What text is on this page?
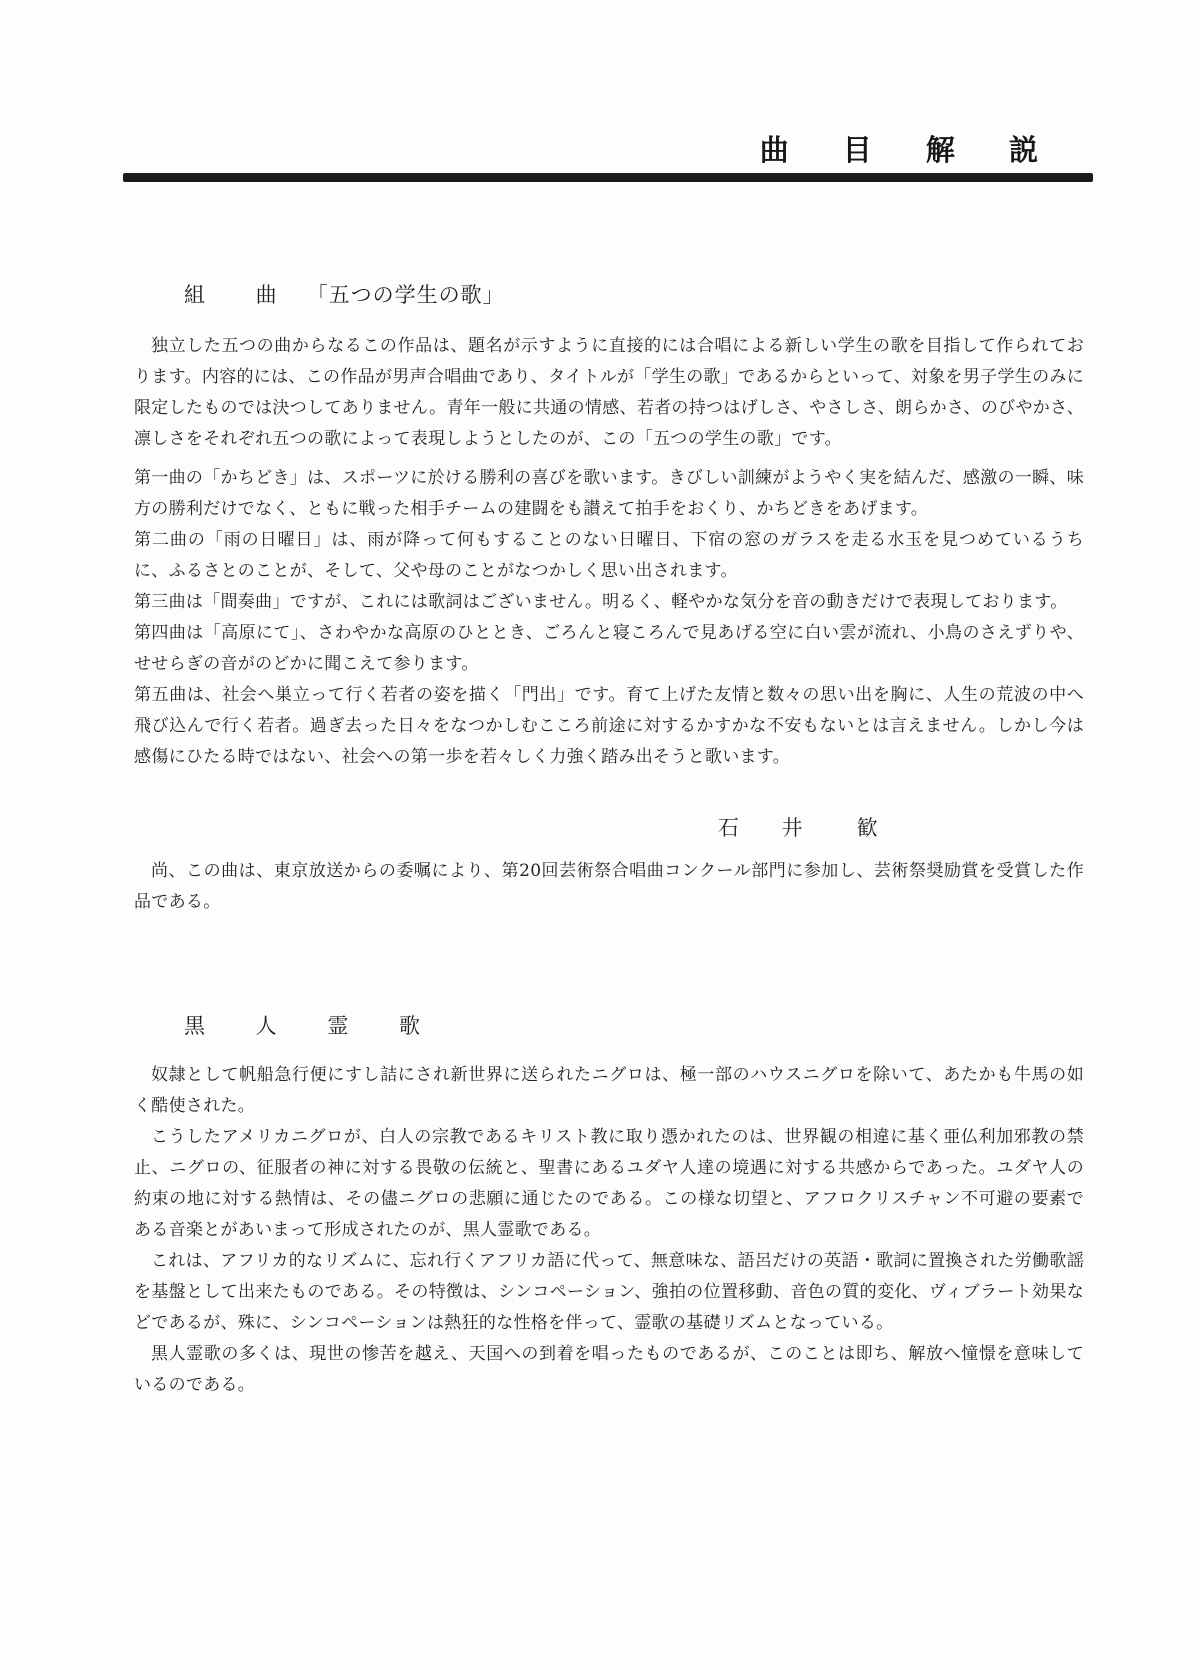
曲 目 解 説
組 曲 「五つの学生の歌」

独立した五つの曲からなるこの作品は、題名が示すように直接的には合唱による新しい学生の歌を目指して作られております。内容的には、この作品が男声合唱曲であり、タイトルが「学生の歌」であるからといって、対象を男子学生のみに限定したものでは決つしてありません。青年一般に共通の情感、若者の持つはげしさ、やさしさ、朗らかさ、のびやかさ、凛しさをそれぞれ五つの歌によって表現しようとしたのが、この「五つの学生の歌」です。

第一曲の「かちどき」は、スポーツに於ける勝利の喜びを歌います。きびしい訓練がようやく実を結んだ、感激の一瞬、味方の勝利だけでなく、ともに戦った相手チームの建闘をも讃えて拍手をおくり、かちどきをあげます。

第二曲の「雨の日曜日」は、雨が降って何もすることのない日曜日、下宿の窓のガラスを走る水玉を見つめているうちに、ふるさとのことが、そして、父や母のことがなつかしく思い出されます。

第三曲は「間奏曲」ですが、これには歌詞はございません。明るく、軽やかな気分を音の動きだけで表現しております。

第四曲は「高原にて」、さわやかな高原のひととき、ごろんと寝ころんで見あげる空に白い雲が流れ、小鳥のさえずりや、せせらぎの音がのどかに聞こえて参ります。

第五曲は、社会へ巣立って行く若者の姿を描く「門出」です。育て上げた友情と数々の思い出を胸に、人生の荒波の中へ飛び込んで行く若者。過ぎ去った日々をなつかしむこころ前途に対するかすかな不安もないとは言えません。しかし今は感傷にひたる時ではない、社会への第一歩を若々しく力強く踏み出そうと歌います。

石 井 歓

尚、この曲は、東京放送からの委嘱により、第20回芸術祭合唱曲コンクール部門に参加し、芸術祭奨励賞を受賞した作品である。

黒 人 霊 歌

奴隷として帆船急行便にすし詰にされ新世界に送られたニグロは、極一部のハウスニグロを除いて、あたかも牛馬の如く酷使された。

こうしたアメリカニグロが、白人の宗教であるキリスト教に取り憑かれたのは、世界観の相違に基く亜仏利加邪教の禁止、ニグロの、征服者の神に対する畏敬の伝統と、聖書にあるユダヤ人達の境遇に対する共感からであった。ユダヤ人の約束の地に対する熱情は、その儘ニグロの悲願に通じたのである。この様な切望と、アフロクリスチャン不可避の要素である音楽とがあいまって形成されたのが、黒人霊歌である。

これは、アフリカ的なリズムに、忘れ行くアフリカ語に代って、無意味な、語呂だけの英語・歌詞に置換された労働歌謡を基盤として出来たものである。その特徴は、シンコペーション、強拍の位置移動、音色の質的変化、ヴィブラート効果などであるが、殊に、シンコペーションは熱狂的な性格を伴って、霊歌の基礎リズムとなっている。

黒人霊歌の多くは、現世の惨苦を越え、天国への到着を唱ったものであるが、このことは即ち、解放へ憧憬を意味しているのである。
